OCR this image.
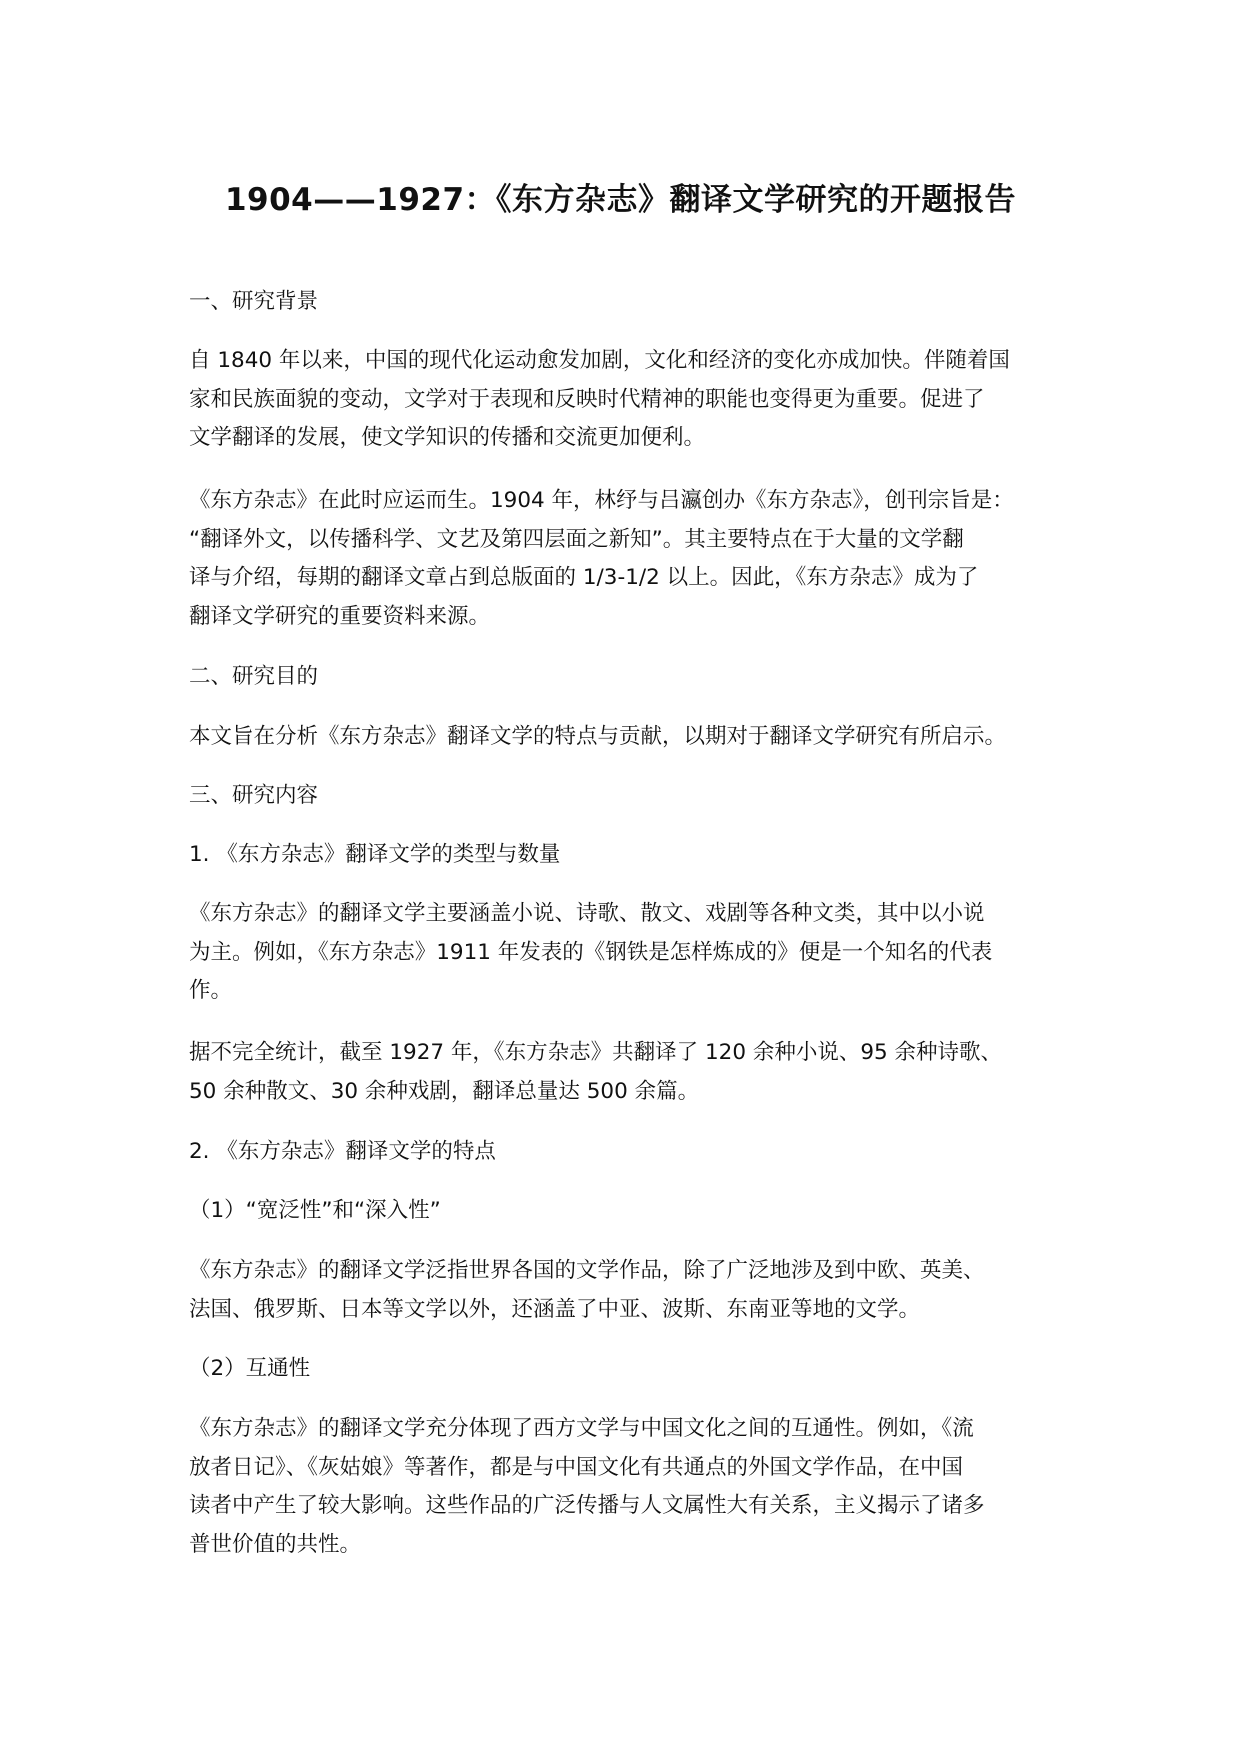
1904——1927：《东方杂志》翻译文学研究的开题报告
一、研究背景

自 1840 年以来，中国的现代化运动愈发加剧，文化和经济的变化亦成加快。伴随着国
家和民族面貌的变动，文学对于表现和反映时代精神的职能也变得更为重要。促进了
文学翻译的发展，使文学知识的传播和交流更加便利。

《东方杂志》在此时应运而生。1904 年，林纾与吕瀛创办《东方杂志》，创刊宗旨是：
“翻译外文，以传播科学、文艺及第四层面之新知”。其主要特点在于大量的文学翻
译与介绍，每期的翻译文章占到总版面的 1/3-1/2 以上。因此，《东方杂志》成为了
翻译文学研究的重要资料来源。

二、研究目的

本文旨在分析《东方杂志》翻译文学的特点与贡献，以期对于翻译文学研究有所启示。

三、研究内容
1. 《东方杂志》翻译文学的类型与数量

《东方杂志》的翻译文学主要涵盖小说、诗歌、散文、戏剧等各种文类，其中以小说
为主。例如，《东方杂志》1911 年发表的《钢铁是怎样炼成的》便是一个知名的代表
作。

据不完全统计，截至 1927 年，《东方杂志》共翻译了 120 余种小说、95 余种诗歌、
50 余种散文、30 余种戏剧，翻译总量达 500 余篇。

2. 《东方杂志》翻译文学的特点
（1）“宽泛性”和“深入性”

《东方杂志》的翻译文学泛指世界各国的文学作品，除了广泛地涉及到中欧、英美、
法国、俄罗斯、日本等文学以外，还涵盖了中亚、波斯、东南亚等地的文学。

（2）互通性

《东方杂志》的翻译文学充分体现了西方文学与中国文化之间的互通性。例如，《流
放者日记》、《灰姑娘》等著作，都是与中国文化有共通点的外国文学作品，在中国
读者中产生了较大影响。这些作品的广泛传播与人文属性大有关系，主义揭示了诸多
普世价值的共性。
